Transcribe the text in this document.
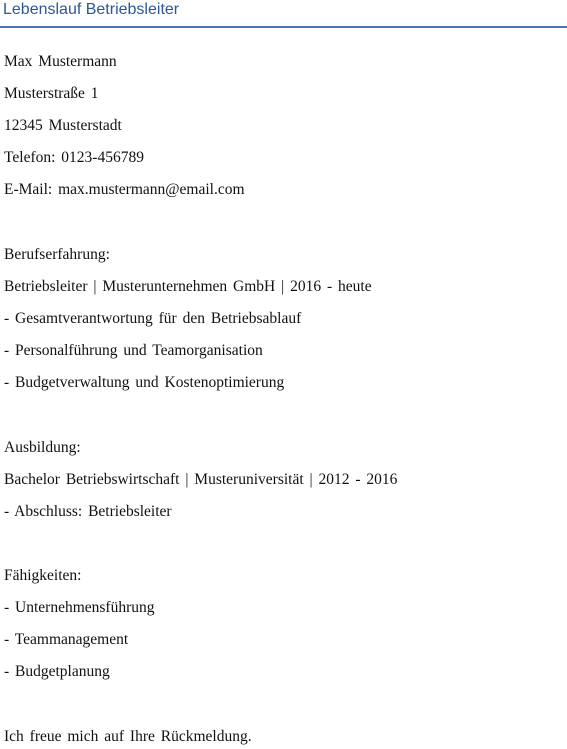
Lebenslauf Betriebsleiter
Max Mustermann
Musterstraße 1
12345 Musterstadt
Telefon: 0123-456789
E-Mail: max.mustermann@email.com
Berufserfahrung:
Betriebsleiter | Musterunternehmen GmbH | 2016 - heute
- Gesamtverantwortung für den Betriebsablauf
- Personalführung und Teamorganisation
- Budgetverwaltung und Kostenoptimierung
Ausbildung:
Bachelor Betriebswirtschaft | Musteruniversität | 2012 - 2016
- Abschluss: Betriebsleiter
Fähigkeiten:
- Unternehmensführung
- Teammanagement
- Budgetplanung
Ich freue mich auf Ihre Rückmeldung.
